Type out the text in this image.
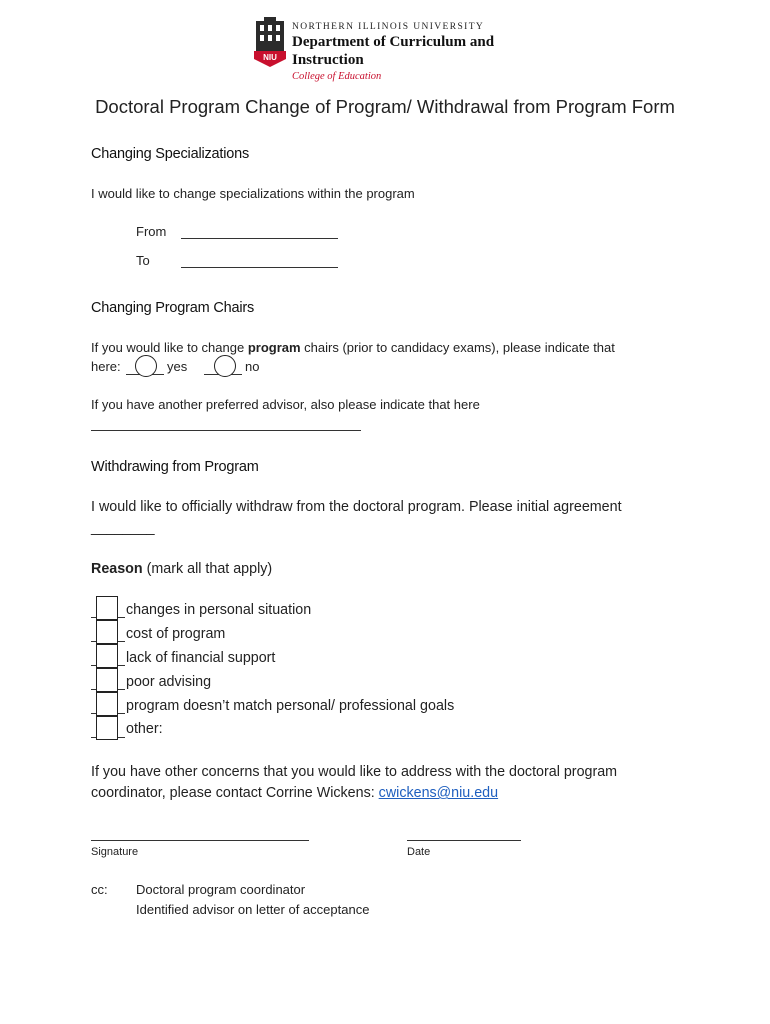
NIU
NORTHERN ILLINOIS UNIVERSITY
Department of Curriculum and
Instruction
College of Education
Doctoral Program Change of Program/ Withdrawal from Program Form
Changing Specializations
I would like to change specializations within the program
From
To
Changing Program Chairs
If you would like to change program chairs (prior to candidacy exams), please indicate that
here:	yes	no
If you have another preferred advisor, also please indicate that here
Withdrawing from Program
I would like to officially withdraw from the doctoral program. Please initial agreement
________
Reason (mark all that apply)
changes in personal situation
cost of program
lack of financial support
poor advising
program doesn’t match personal/ professional goals
other:
If you have other concerns that you would like to address with the doctoral program
coordinator, please contact Corrine Wickens: cwickens@niu.edu
Signature	Date
cc: Doctoral program coordinator
Identified advisor on letter of acceptance
